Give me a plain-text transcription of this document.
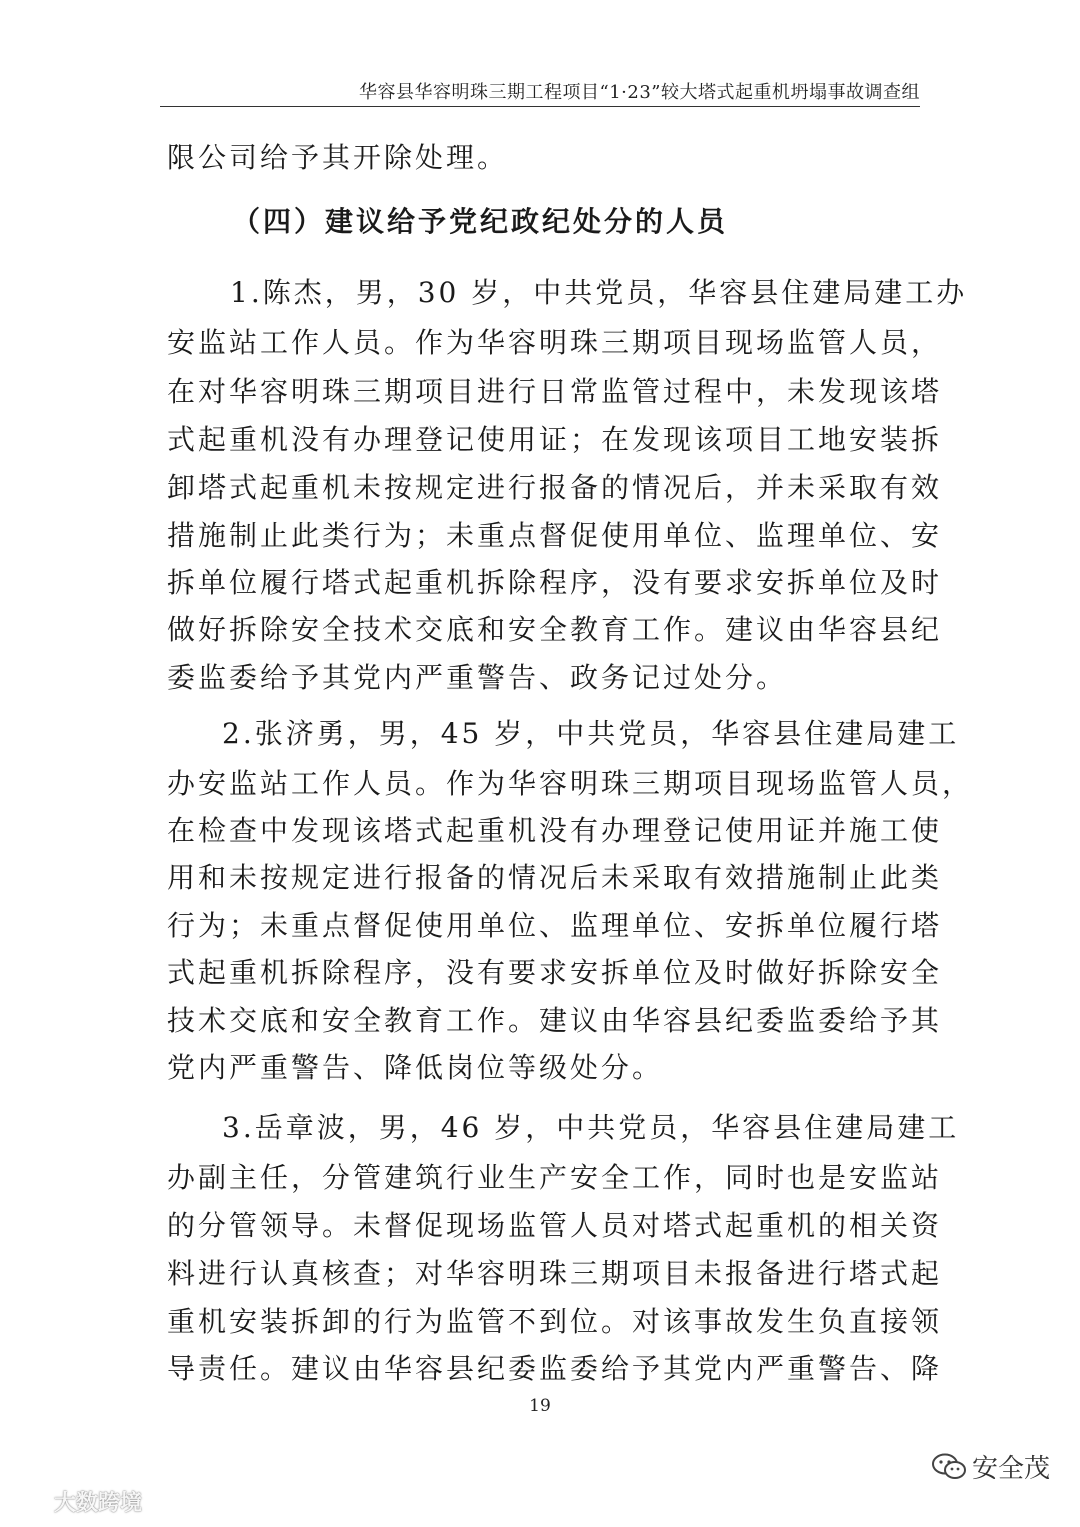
华容县华容明珠三期工程项目“1·23”较大塔式起重机坍塌事故调查组
限公司给予其开除处理。
（四）建议给予党纪政纪处分的人员
1.陈杰，男，30 岁，中共党员，华容县住建局建工办
安监站工作人员。作为华容明珠三期项目现场监管人员，
在对华容明珠三期项目进行日常监管过程中，未发现该塔
式起重机没有办理登记使用证；在发现该项目工地安装拆
卸塔式起重机未按规定进行报备的情况后，并未采取有效
措施制止此类行为；未重点督促使用单位、监理单位、安
拆单位履行塔式起重机拆除程序，没有要求安拆单位及时
做好拆除安全技术交底和安全教育工作。建议由华容县纪
委监委给予其党内严重警告、政务记过处分。
2.张济勇，男，45 岁，中共党员，华容县住建局建工
办安监站工作人员。作为华容明珠三期项目现场监管人员，
在检查中发现该塔式起重机没有办理登记使用证并施工使
用和未按规定进行报备的情况后未采取有效措施制止此类
行为；未重点督促使用单位、监理单位、安拆单位履行塔
式起重机拆除程序，没有要求安拆单位及时做好拆除安全
技术交底和安全教育工作。建议由华容县纪委监委给予其
党内严重警告、降低岗位等级处分。
3.岳章波，男，46 岁，中共党员，华容县住建局建工
办副主任，分管建筑行业生产安全工作，同时也是安监站
的分管领导。未督促现场监管人员对塔式起重机的相关资
料进行认真核查；对华容明珠三期项目未报备进行塔式起
重机安装拆卸的行为监管不到位。对该事故发生负直接领
导责任。建议由华容县纪委监委给予其党内严重警告、降
19
安全茂
大数跨境
